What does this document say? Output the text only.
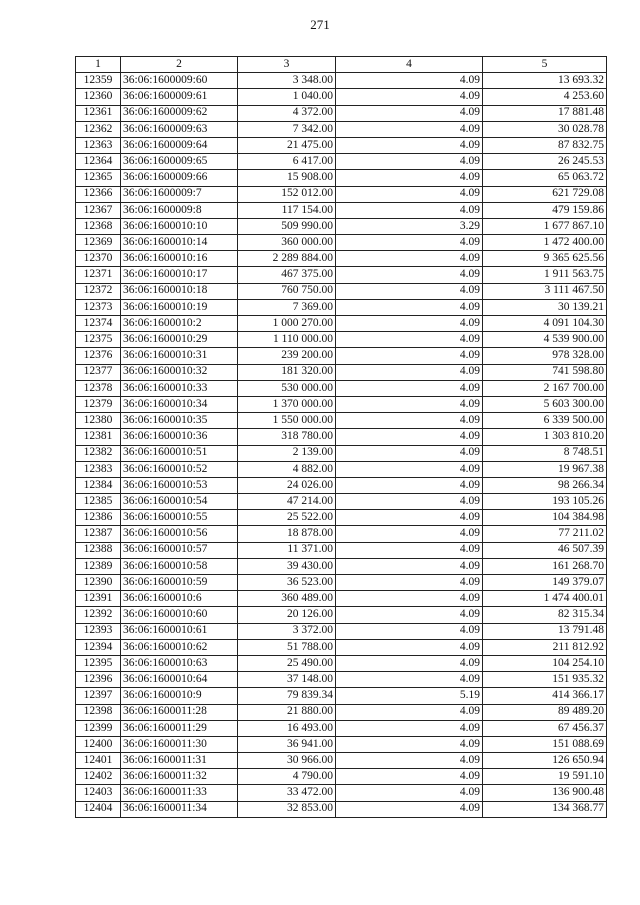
271
1	2	3	4	5
12359	36:06:1600009:60	3 348.00	4.09	13 693.32
12360	36:06:1600009:61	1 040.00	4.09	4 253.60
12361	36:06:1600009:62	4 372.00	4.09	17 881.48
12362	36:06:1600009:63	7 342.00	4.09	30 028.78
12363	36:06:1600009:64	21 475.00	4.09	87 832.75
12364	36:06:1600009:65	6 417.00	4.09	26 245.53
12365	36:06:1600009:66	15 908.00	4.09	65 063.72
12366	36:06:1600009:7	152 012.00	4.09	621 729.08
12367	36:06:1600009:8	117 154.00	4.09	479 159.86
12368	36:06:1600010:10	509 990.00	3.29	1 677 867.10
12369	36:06:1600010:14	360 000.00	4.09	1 472 400.00
12370	36:06:1600010:16	2 289 884.00	4.09	9 365 625.56
12371	36:06:1600010:17	467 375.00	4.09	1 911 563.75
12372	36:06:1600010:18	760 750.00	4.09	3 111 467.50
12373	36:06:1600010:19	7 369.00	4.09	30 139.21
12374	36:06:1600010:2	1 000 270.00	4.09	4 091 104.30
12375	36:06:1600010:29	1 110 000.00	4.09	4 539 900.00
12376	36:06:1600010:31	239 200.00	4.09	978 328.00
12377	36:06:1600010:32	181 320.00	4.09	741 598.80
12378	36:06:1600010:33	530 000.00	4.09	2 167 700.00
12379	36:06:1600010:34	1 370 000.00	4.09	5 603 300.00
12380	36:06:1600010:35	1 550 000.00	4.09	6 339 500.00
12381	36:06:1600010:36	318 780.00	4.09	1 303 810.20
12382	36:06:1600010:51	2 139.00	4.09	8 748.51
12383	36:06:1600010:52	4 882.00	4.09	19 967.38
12384	36:06:1600010:53	24 026.00	4.09	98 266.34
12385	36:06:1600010:54	47 214.00	4.09	193 105.26
12386	36:06:1600010:55	25 522.00	4.09	104 384.98
12387	36:06:1600010:56	18 878.00	4.09	77 211.02
12388	36:06:1600010:57	11 371.00	4.09	46 507.39
12389	36:06:1600010:58	39 430.00	4.09	161 268.70
12390	36:06:1600010:59	36 523.00	4.09	149 379.07
12391	36:06:1600010:6	360 489.00	4.09	1 474 400.01
12392	36:06:1600010:60	20 126.00	4.09	82 315.34
12393	36:06:1600010:61	3 372.00	4.09	13 791.48
12394	36:06:1600010:62	51 788.00	4.09	211 812.92
12395	36:06:1600010:63	25 490.00	4.09	104 254.10
12396	36:06:1600010:64	37 148.00	4.09	151 935.32
12397	36:06:1600010:9	79 839.34	5.19	414 366.17
12398	36:06:1600011:28	21 880.00	4.09	89 489.20
12399	36:06:1600011:29	16 493.00	4.09	67 456.37
12400	36:06:1600011:30	36 941.00	4.09	151 088.69
12401	36:06:1600011:31	30 966.00	4.09	126 650.94
12402	36:06:1600011:32	4 790.00	4.09	19 591.10
12403	36:06:1600011:33	33 472.00	4.09	136 900.48
12404	36:06:1600011:34	32 853.00	4.09	134 368.77
